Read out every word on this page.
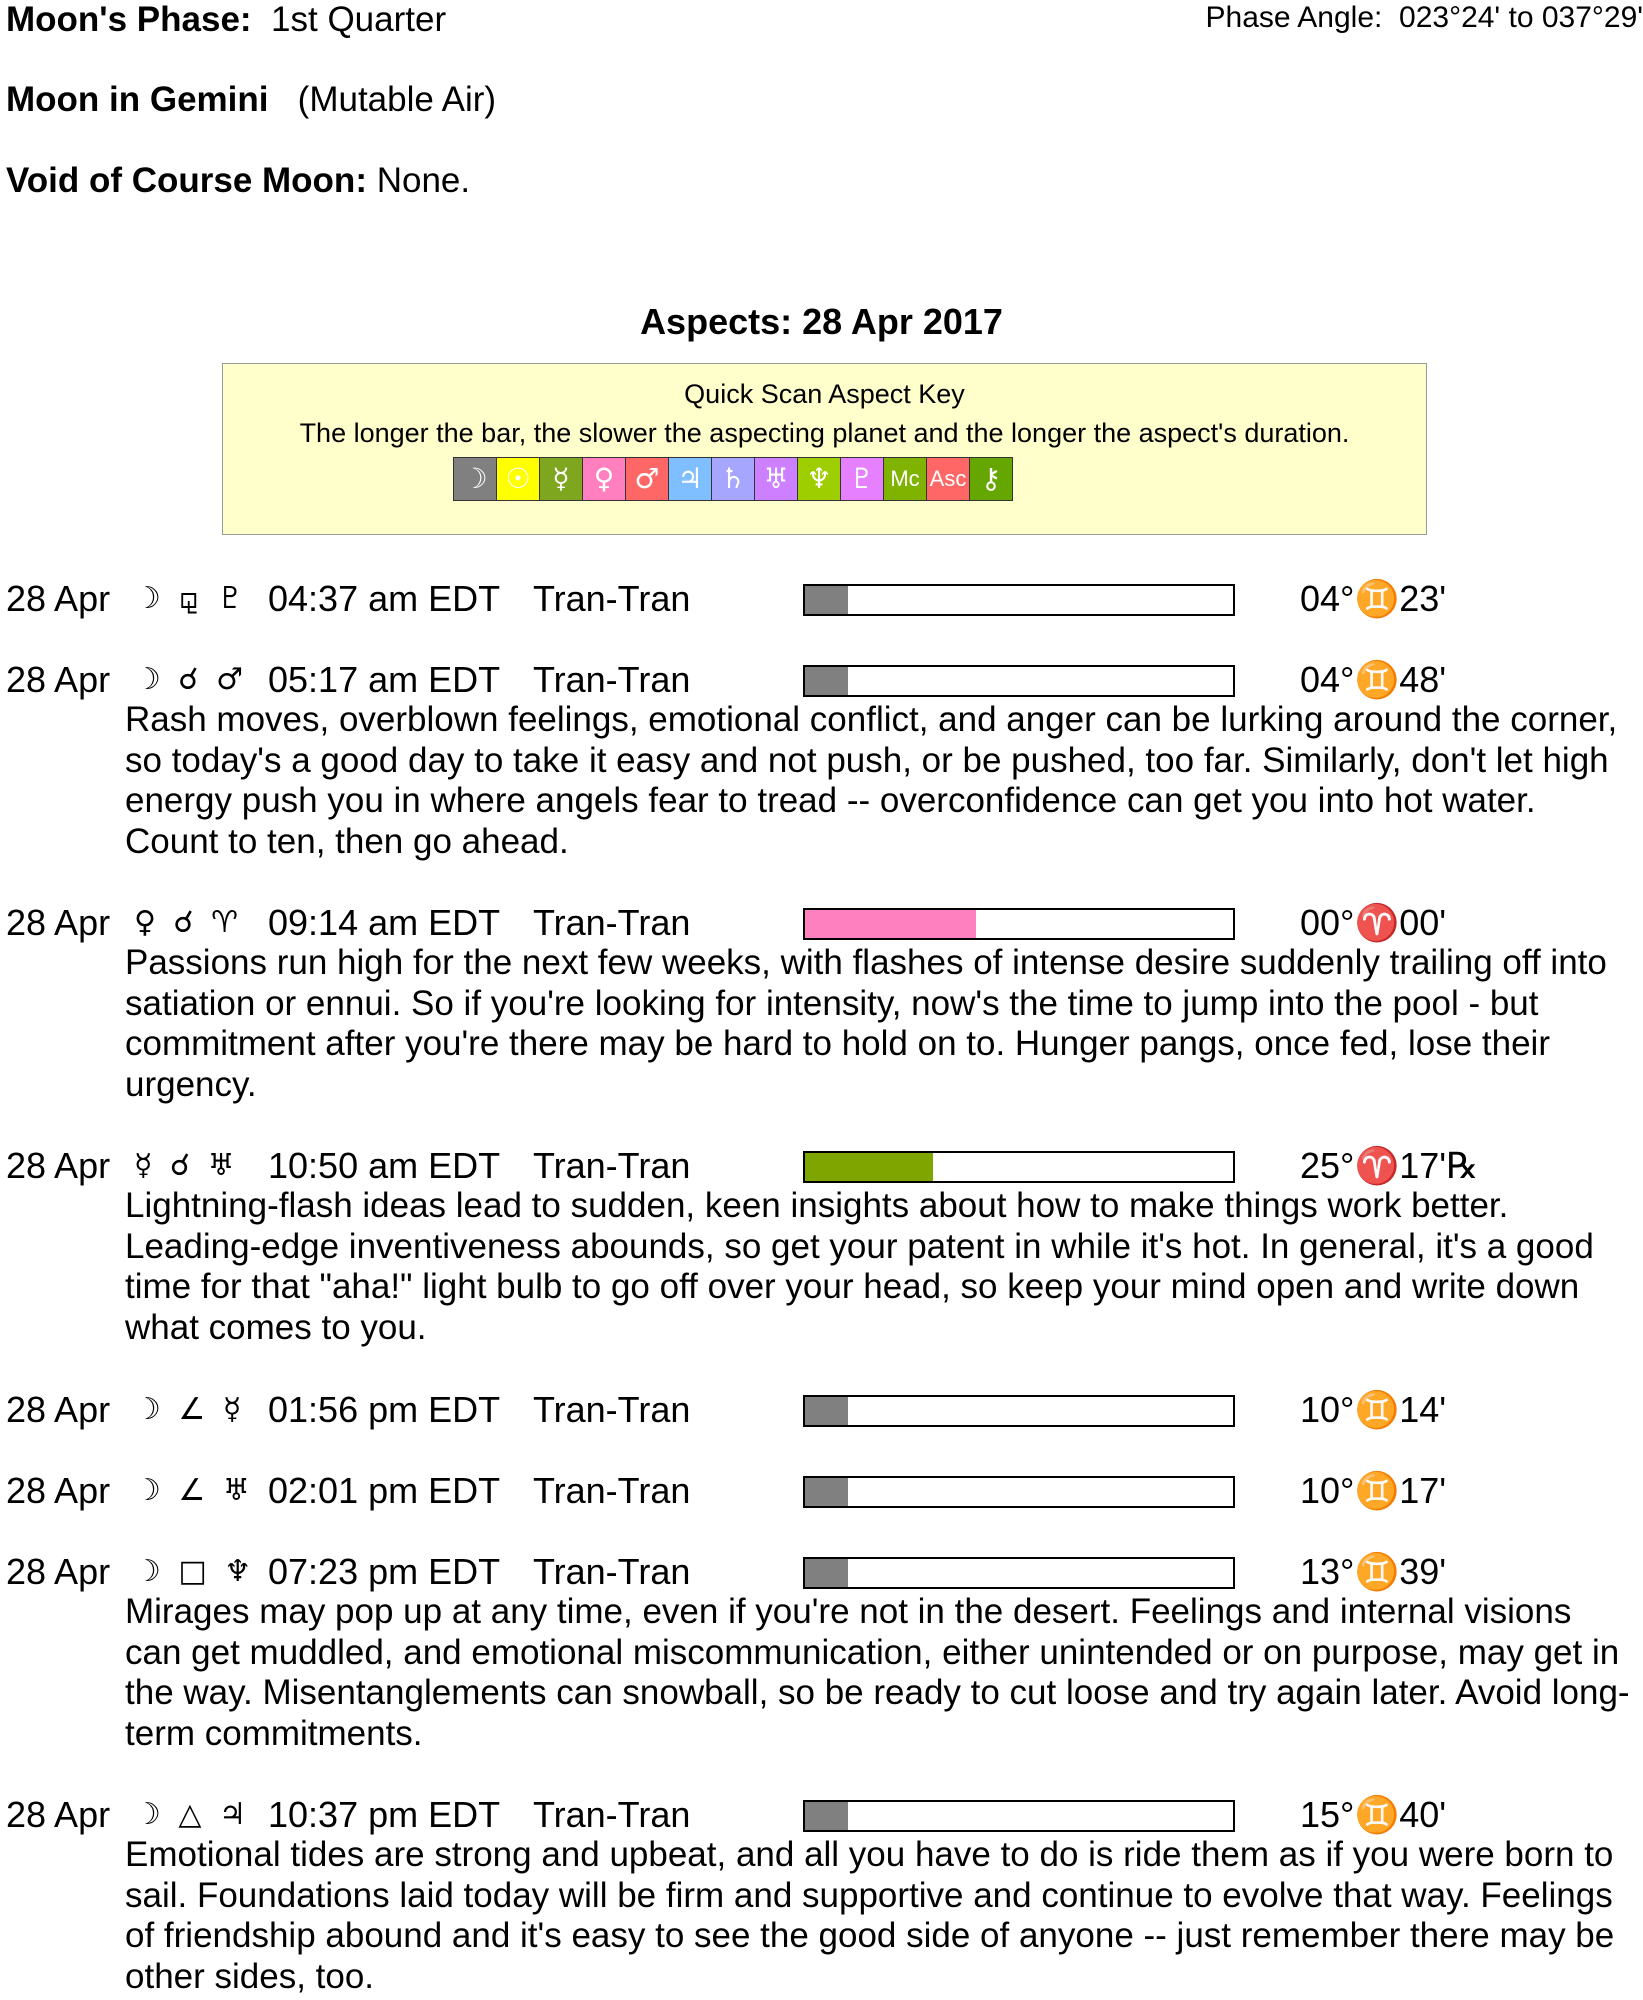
Moon's Phase: 1st Quarter	Phase Angle: 023°24' to 037°29'
Moon in Gemini (Mutable Air)
Void of Course Moon: None.
Aspects: 28 Apr 2017
Quick Scan Aspect Key
The longer the bar, the slower the aspecting planet and the longer the aspect's duration.
☽ ☉ ☿ ♀ ♂ ♃ ♄ ♅ ♆ ♇ Mc Asc ⚷
28 Apr ☽ ⚼ ♇ 04:37 am EDT Tran-Tran	04°♊23'
28 Apr ☽ ☌ ♂ 05:17 am EDT Tran-Tran	04°♊48'
Rash moves, overblown feelings, emotional conflict, and anger can be lurking around the corner, so today's a good day to take it easy and not push, or be pushed, too far. Similarly, don't let high energy push you in where angels fear to tread -- overconfidence can get you into hot water. Count to ten, then go ahead.
28 Apr ♀ ☌ ♈ 09:14 am EDT Tran-Tran	00°♈00'
Passions run high for the next few weeks, with flashes of intense desire suddenly trailing off into satiation or ennui. So if you're looking for intensity, now's the time to jump into the pool - but commitment after you're there may be hard to hold on to. Hunger pangs, once fed, lose their urgency.
28 Apr ☿ ☌ ♅ 10:50 am EDT Tran-Tran	25°♈17'℞
Lightning-flash ideas lead to sudden, keen insights about how to make things work better. Leading-edge inventiveness abounds, so get your patent in while it's hot. In general, it's a good time for that "aha!" light bulb to go off over your head, so keep your mind open and write down what comes to you.
28 Apr ☽ ∠ ☿ 01:56 pm EDT Tran-Tran	10°♊14'
28 Apr ☽ ∠ ♅ 02:01 pm EDT Tran-Tran	10°♊17'
28 Apr ☽ □ ♆ 07:23 pm EDT Tran-Tran	13°♊39'
Mirages may pop up at any time, even if you're not in the desert. Feelings and internal visions can get muddled, and emotional miscommunication, either unintended or on purpose, may get in the way. Misentanglements can snowball, so be ready to cut loose and try again later. Avoid long-term commitments.
28 Apr ☽ △ ♃ 10:37 pm EDT Tran-Tran	15°♊40'
Emotional tides are strong and upbeat, and all you have to do is ride them as if you were born to sail. Foundations laid today will be firm and supportive and continue to evolve that way. Feelings of friendship abound and it's easy to see the good side of anyone -- just remember there may be other sides, too.
